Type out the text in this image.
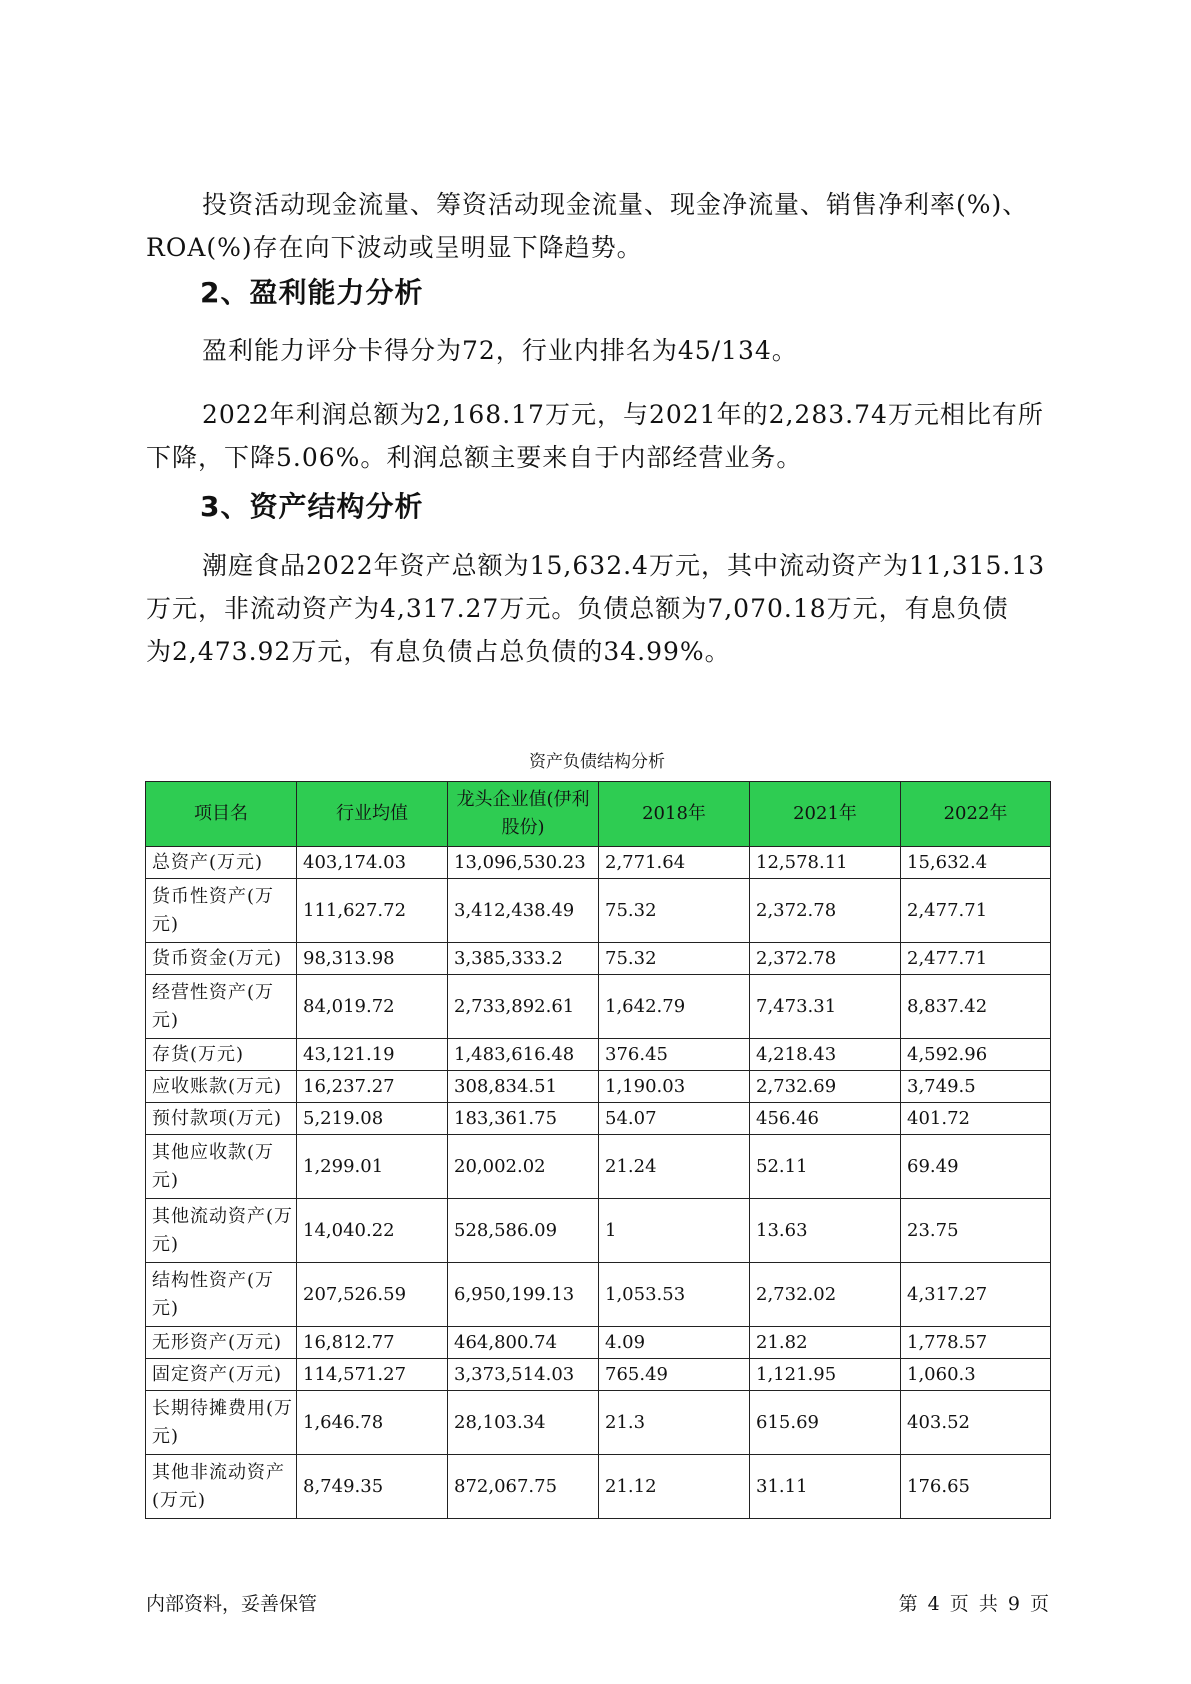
投资活动现金流量、筹资活动现金流量、现金净流量、销售净利率(%)、
ROA(%)存在向下波动或呈明显下降趋势。

2、盈利能力分析

盈利能力评分卡得分为72，行业内排名为45/134。

2022年利润总额为2,168.17万元，与2021年的2,283.74万元相比有所
下降，下降5.06%。利润总额主要来自于内部经营业务。

3、资产结构分析

潮庭食品2022年资产总额为15,632.4万元，其中流动资产为11,315.13
万元，非流动资产为4,317.27万元。负债总额为7,070.18万元，有息负债
为2,473.92万元，有息负债占总负债的34.99%。

资产负债结构分析
项目名	行业均值	龙头企业值(伊利股份)	2018年	2021年	2022年
总资产(万元)	403,174.03	13,096,530.23	2,771.64	12,578.11	15,632.4
货币性资产(万元)	111,627.72	3,412,438.49	75.32	2,372.78	2,477.71
货币资金(万元)	98,313.98	3,385,333.2	75.32	2,372.78	2,477.71
经营性资产(万元)	84,019.72	2,733,892.61	1,642.79	7,473.31	8,837.42
存货(万元)	43,121.19	1,483,616.48	376.45	4,218.43	4,592.96
应收账款(万元)	16,237.27	308,834.51	1,190.03	2,732.69	3,749.5
预付款项(万元)	5,219.08	183,361.75	54.07	456.46	401.72
其他应收款(万元)	1,299.01	20,002.02	21.24	52.11	69.49
其他流动资产(万元)	14,040.22	528,586.09	1	13.63	23.75
结构性资产(万元)	207,526.59	6,950,199.13	1,053.53	2,732.02	4,317.27
无形资产(万元)	16,812.77	464,800.74	4.09	21.82	1,778.57
固定资产(万元)	114,571.27	3,373,514.03	765.49	1,121.95	1,060.3
长期待摊费用(万元)	1,646.78	28,103.34	21.3	615.69	403.52
其他非流动资产(万元)	8,749.35	872,067.75	21.12	31.11	176.65
内部资料，妥善保管	第 4 页 共 9 页
